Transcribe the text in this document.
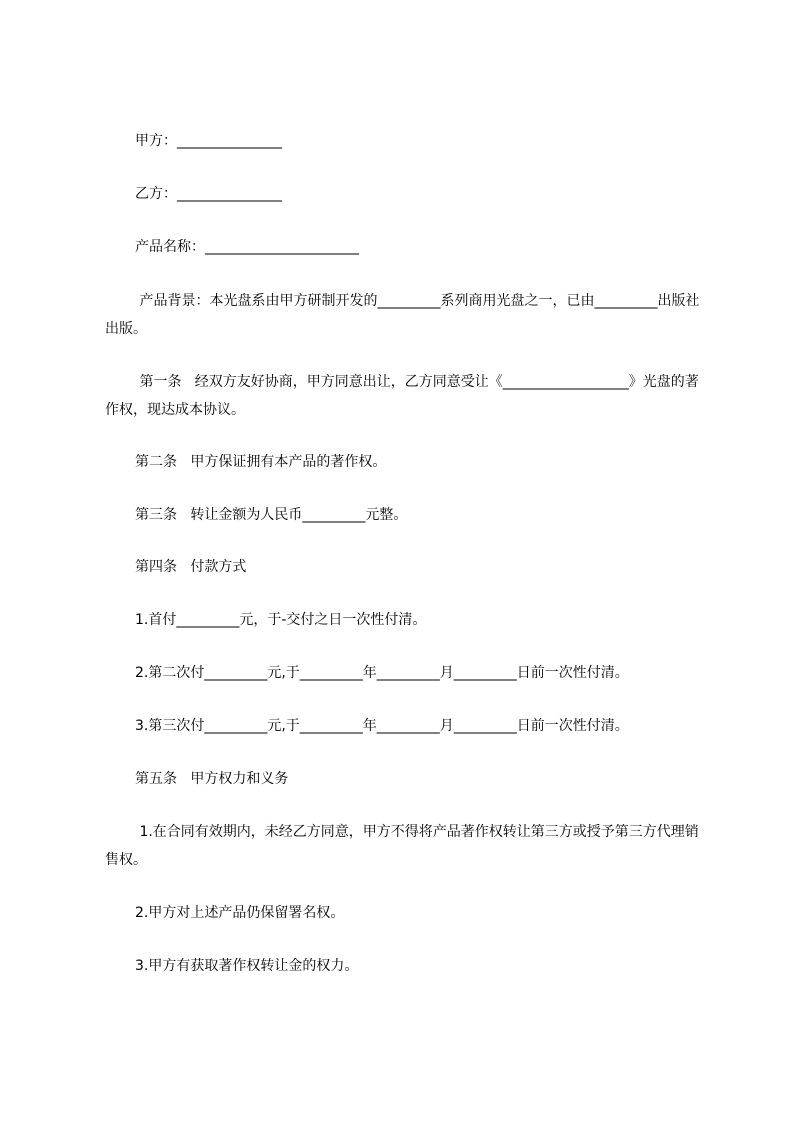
甲方：_______________
乙方：_______________
产品名称：______________________
产品背景：本光盘系由甲方研制开发的_________系列商用光盘之一，已由_________出版社出版。
第一条   经双方友好协商，甲方同意出让，乙方同意受让《__________________》光盘的著作权，现达成本协议。
第二条   甲方保证拥有本产品的著作权。
第三条   转让金额为人民币_________元整。
第四条   付款方式
1.首付_________元，于-交付之日一次性付清。
2.第二次付_________元,于_________年_________月_________日前一次性付清。
3.第三次付_________元,于_________年_________月_________日前一次性付清。
第五条   甲方权力和义务
1.在合同有效期内，未经乙方同意，甲方不得将产品著作权转让第三方或授予第三方代理销售权。
2.甲方对上述产品仍保留署名权。
3.甲方有获取著作权转让金的权力。
